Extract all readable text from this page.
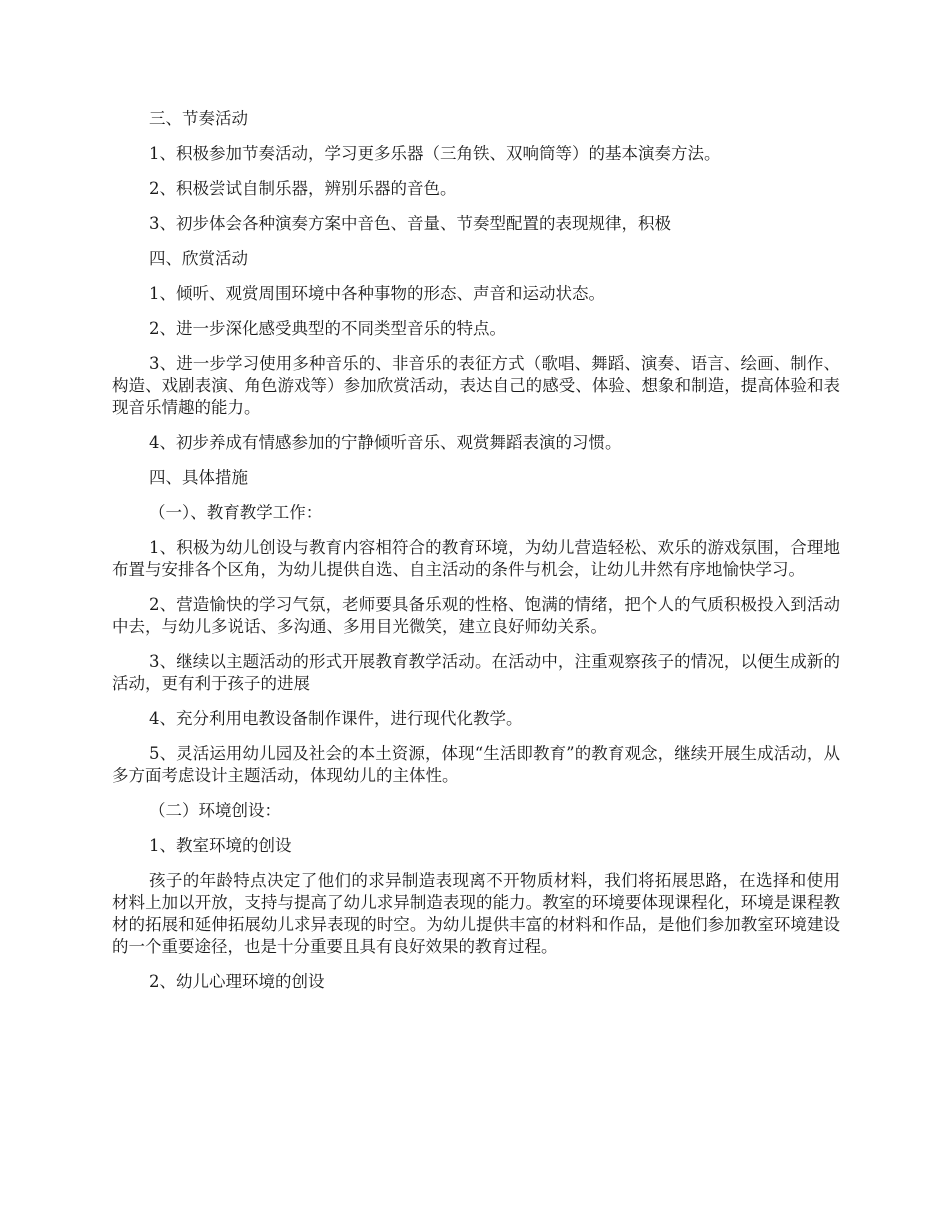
三、节奏活动

1、积极参加节奏活动，学习更多乐器（三角铁、双响筒等）的基本演奏方法。

2、积极尝试自制乐器，辨别乐器的音色。

3、初步体会各种演奏方案中音色、音量、节奏型配置的表现规律，积极

四、欣赏活动

1、倾听、观赏周围环境中各种事物的形态、声音和运动状态。

2、进一步深化感受典型的不同类型音乐的特点。

3、进一步学习使用多种音乐的、非音乐的表征方式（歌唱、舞蹈、演奏、语言、绘画、制作、构造、戏剧表演、角色游戏等）参加欣赏活动，表达自己的感受、体验、想象和制造，提高体验和表现音乐情趣的能力。

4、初步养成有情感参加的宁静倾听音乐、观赏舞蹈表演的习惯。

四、具体措施

（一）、教育教学工作：

1、积极为幼儿创设与教育内容相符合的教育环境，为幼儿营造轻松、欢乐的游戏氛围，合理地布置与安排各个区角，为幼儿提供自选、自主活动的条件与机会，让幼儿井然有序地愉快学习。

2、营造愉快的学习气氛，老师要具备乐观的性格、饱满的情绪，把个人的气质积极投入到活动中去，与幼儿多说话、多沟通、多用目光微笑，建立良好师幼关系。

3、继续以主题活动的形式开展教育教学活动。在活动中，注重观察孩子的情况，以便生成新的活动，更有利于孩子的进展

4、充分利用电教设备制作课件，进行现代化教学。

5、灵活运用幼儿园及社会的本土资源，体现“生活即教育”的教育观念，继续开展生成活动，从多方面考虑设计主题活动，体现幼儿的主体性。

（二）环境创设：

1、教室环境的创设

孩子的年龄特点决定了他们的求异制造表现离不开物质材料，我们将拓展思路，在选择和使用材料上加以开放，支持与提高了幼儿求异制造表现的能力。教室的环境要体现课程化，环境是课程教材的拓展和延伸拓展幼儿求异表现的时空。为幼儿提供丰富的材料和作品，是他们参加教室环境建设的一个重要途径，也是十分重要且具有良好效果的教育过程。

2、幼儿心理环境的创设
